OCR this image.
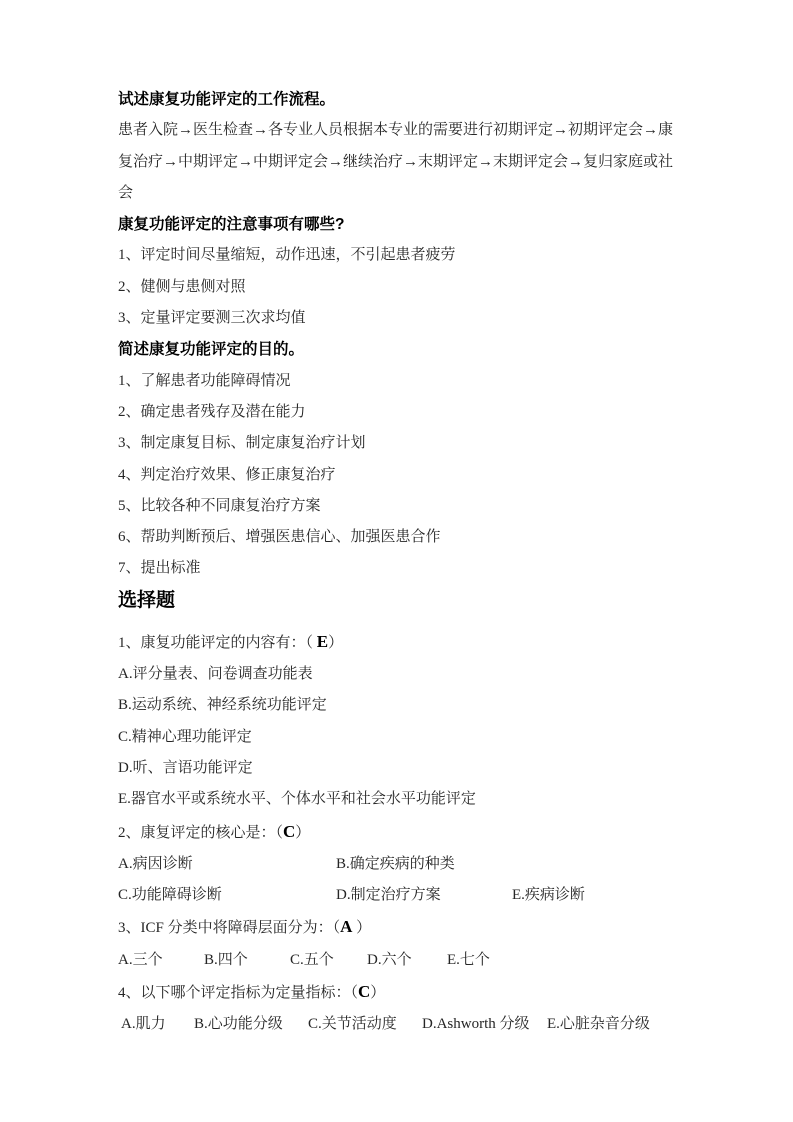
试述康复功能评定的工作流程。
患者入院→医生检查→各专业人员根据本专业的需要进行初期评定→初期评定会→康复治疗→中期评定→中期评定会→继续治疗→末期评定→末期评定会→复归家庭或社会
康复功能评定的注意事项有哪些?
1、评定时间尽量缩短，动作迅速，不引起患者疲劳
2、健侧与患侧对照
3、定量评定要测三次求均值
简述康复功能评定的目的。
1、了解患者功能障碍情况
2、确定患者残存及潜在能力
3、制定康复目标、制定康复治疗计划
4、判定治疗效果、修正康复治疗
5、比较各种不同康复治疗方案
6、帮助判断预后、增强医患信心、加强医患合作
7、提出标准
选择题
1、康复功能评定的内容有：（ E）
A.评分量表、问卷调查功能表
B.运动系统、神经系统功能评定
C.精神心理功能评定
D.听、言语功能评定
E.器官水平或系统水平、个体水平和社会水平功能评定
2、康复评定的核心是：（C）
A.病因诊断	B.确定疾病的种类
C.功能障碍诊断	D.制定治疗方案	E.疾病诊断
3、ICF 分类中将障碍层面分为：（A ）
A.三个	B.四个	C.五个 D.六个 E.七个
4、以下哪个评定指标为定量指标：（C）
A.肌力 B.心功能分级 C.关节活动度 D.Ashworth 分级 E.心脏杂音分级
